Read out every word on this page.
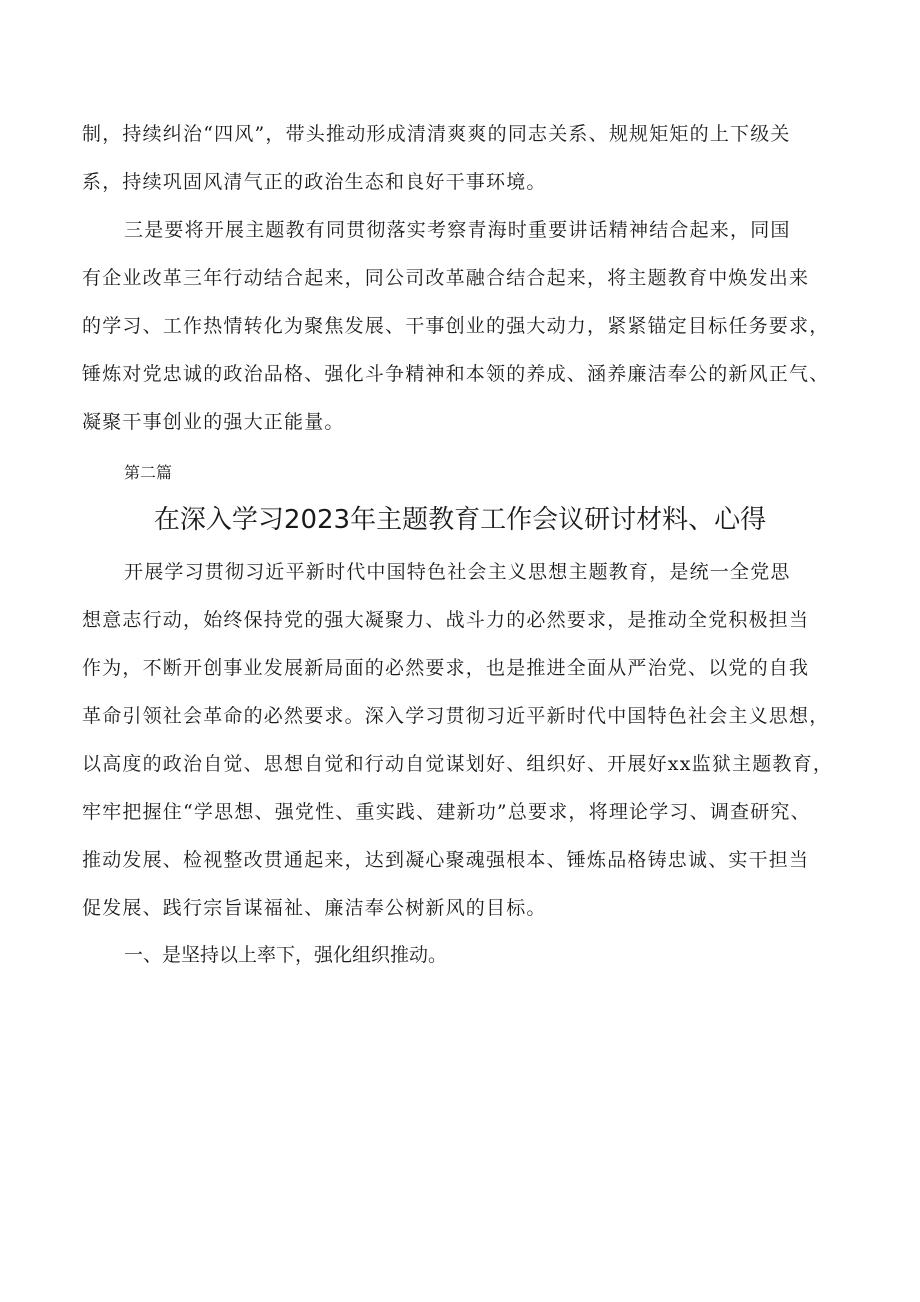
制，持续纠治“四风”，带头推动形成清清爽爽的同志关系、规规矩矩的上下级关
系，持续巩固风清气正的政治生态和良好干事环境。
三是要将开展主题教有同贯彻落实考察青海时重要讲话精神结合起来，同国
有企业改革三年行动结合起来，同公司改革融合结合起来，将主题教育中焕发出来
的学习、工作热情转化为聚焦发展、干事创业的强大动力，紧紧锚定目标任务要求，
锤炼对党忠诚的政治品格、强化斗争精神和本领的养成、涵养廉洁奉公的新风正气、
凝聚干事创业的强大正能量。
第二篇
在深入学习2023年主题教育工作会议研讨材料、心得
开展学习贯彻习近平新时代中国特色社会主义思想主题教育，是统一全党思
想意志行动，始终保持党的强大凝聚力、战斗力的必然要求，是推动全党积极担当
作为，不断开创事业发展新局面的必然要求，也是推进全面从严治党、以党的自我
革命引领社会革命的必然要求。深入学习贯彻习近平新时代中国特色社会主义思想，
以高度的政治自觉、思想自觉和行动自觉谋划好、组织好、开展好xx监狱主题教育，
牢牢把握住“学思想、强党性、重实践、建新功”总要求，将理论学习、调查研究、
推动发展、检视整改贯通起来，达到凝心聚魂强根本、锤炼品格铸忠诚、实干担当
促发展、践行宗旨谋福祉、廉洁奉公树新风的目标。
一、是坚持以上率下，强化组织推动。
